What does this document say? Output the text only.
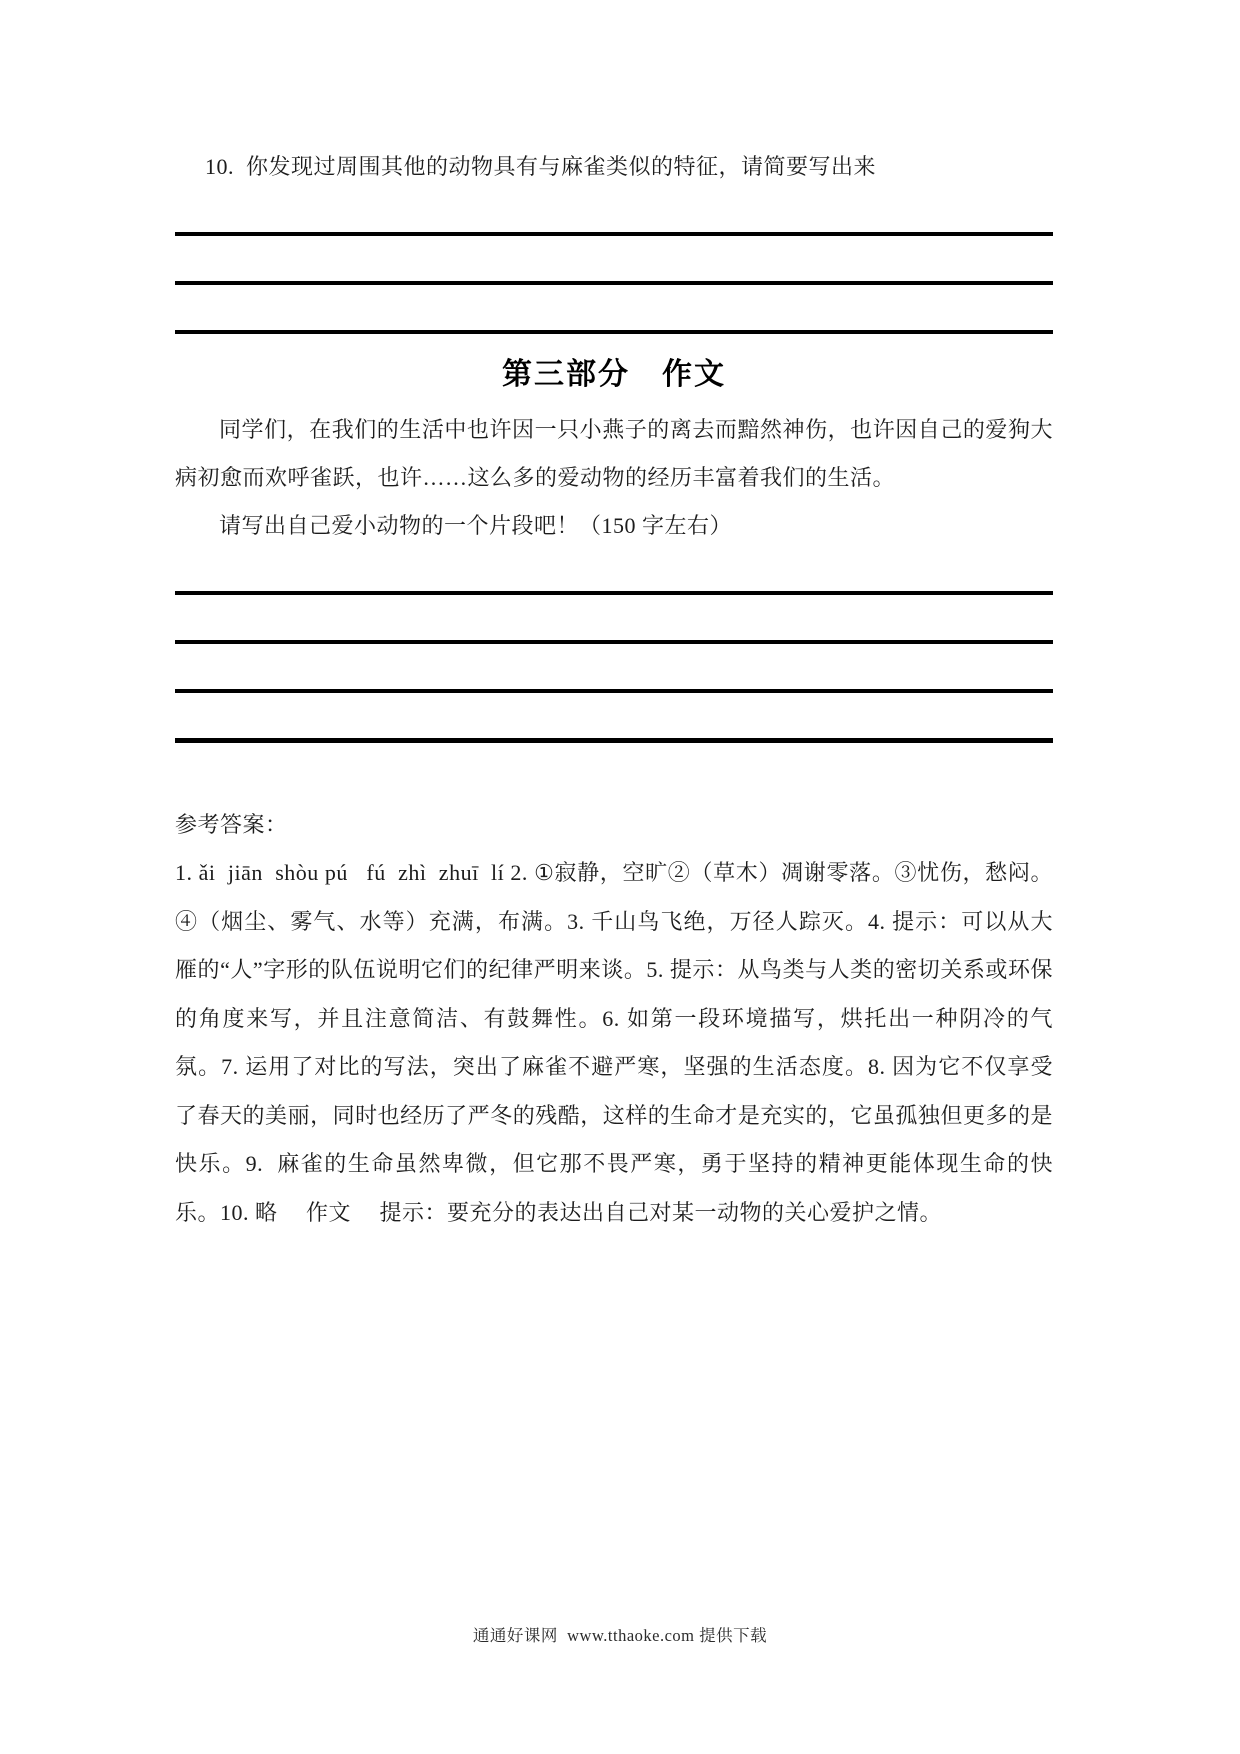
10.  你发现过周围其他的动物具有与麻雀类似的特征，请简要写出来
第三部分　作文

同学们，在我们的生活中也许因一只小燕子的离去而黯然神伤，也许因自己的爱狗大病初愈而欢呼雀跃，也许……这么多的爱动物的经历丰富着我们的生活。

请写出自己爱小动物的一个片段吧！（150 字左右）

参考答案：

1. ǎi  jiān  shòu pú   fú  zhì  zhuī  lí 2. ①寂静，空旷②（草木）凋谢零落。③忧伤，愁闷。④（烟尘、雾气、水等）充满，布满。3. 千山鸟飞绝，万径人踪灭。4. 提示：可以从大雁的“人”字形的队伍说明它们的纪律严明来谈。5. 提示：从鸟类与人类的密切关系或环保的角度来写，并且注意简洁、有鼓舞性。6. 如第一段环境描写，烘托出一种阴冷的气氛。7. 运用了对比的写法，突出了麻雀不避严寒，坚强的生活态度。8. 因为它不仅享受了春天的美丽，同时也经历了严冬的残酷，这样的生命才是充实的，它虽孤独但更多的是快乐。9.  麻雀的生命虽然卑微，但它那不畏严寒，勇于坚持的精神更能体现生命的快乐。10. 略　 作文　 提示：要充分的表达出自己对某一动物的关心爱护之情。

通通好课网  www.tthaoke.com 提供下载
